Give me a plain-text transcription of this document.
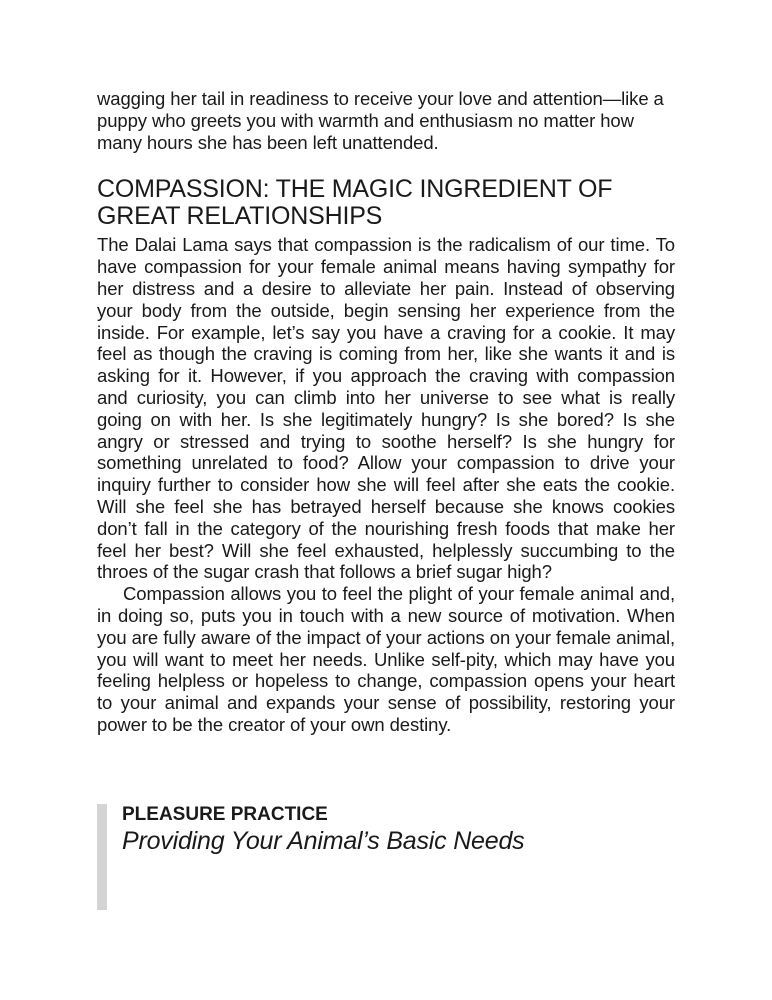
wagging her tail in readiness to receive your love and attention—like a puppy who greets you with warmth and enthusiasm no matter how many hours she has been left unattended.

COMPASSION: THE MAGIC INGREDIENT OF GREAT RELATIONSHIPS

The Dalai Lama says that compassion is the radicalism of our time. To have compassion for your female animal means having sympathy for her distress and a desire to alleviate her pain. Instead of observing your body from the outside, begin sensing her experience from the inside. For example, let’s say you have a craving for a cookie. It may feel as though the craving is coming from her, like she wants it and is asking for it. However, if you approach the craving with compassion and curiosity, you can climb into her universe to see what is really going on with her. Is she legitimately hungry? Is she bored? Is she angry or stressed and trying to soothe herself? Is she hungry for something unrelated to food? Allow your compassion to drive your inquiry further to consider how she will feel after she eats the cookie. Will she feel she has betrayed herself because she knows cookies don’t fall in the category of the nourishing fresh foods that make her feel her best? Will she feel exhausted, helplessly succumbing to the throes of the sugar crash that follows a brief sugar high?

Compassion allows you to feel the plight of your female animal and, in doing so, puts you in touch with a new source of motivation. When you are fully aware of the impact of your actions on your female animal, you will want to meet her needs. Unlike self-pity, which may have you feeling helpless or hopeless to change, compassion opens your heart to your animal and expands your sense of possibility, restoring your power to be the creator of your own destiny.

PLEASURE PRACTICE
Providing Your Animal’s Basic Needs
